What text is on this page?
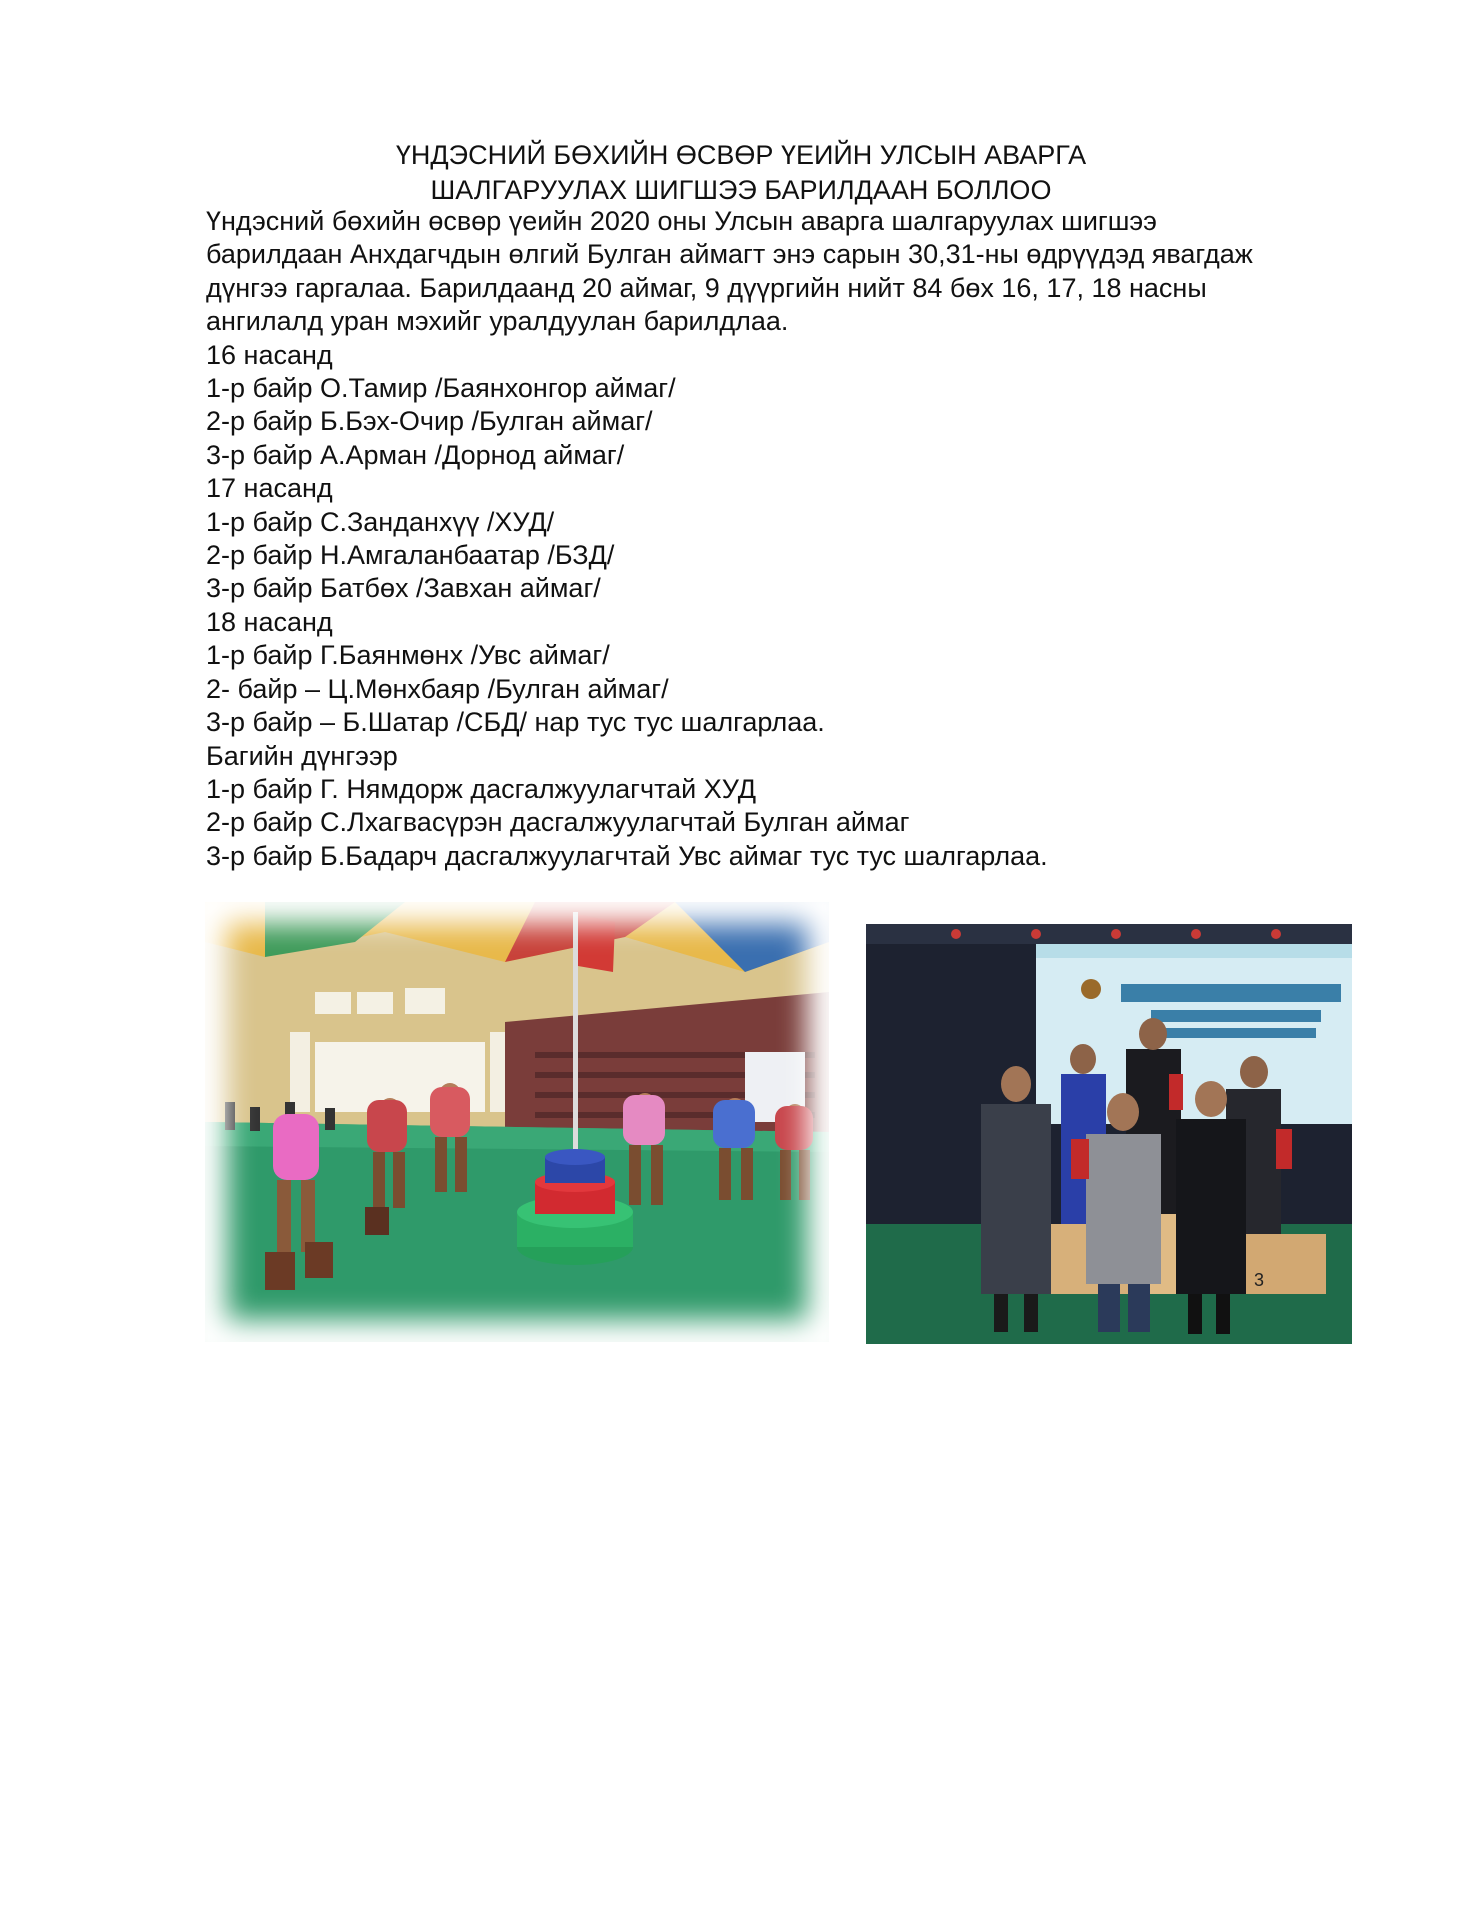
ҮНДЭСНИЙ БӨХИЙН ӨСВӨР ҮЕИЙН УЛСЫН АВАРГА
ШАЛГАРУУЛАХ ШИГШЭЭ БАРИЛДААН БОЛЛОО

Үндэсний бөхийн өсвөр үеийн 2020 оны Улсын аварга шалгаруулах шигшээ

барилдаан Анхдагчдын өлгий Булган аймагт энэ сарын 30,31-ны өдрүүдэд явагдаж

дүнгээ гаргалаа. Барилдаанд 20 аймаг, 9 дүүргийн нийт 84 бөх 16, 17, 18 насны

ангилалд уран мэхийг уралдуулан барилдлаа.

16 насанд

1-р байр О.Тамир /Баянхонгор аймаг/

2-р байр Б.Бэх-Очир /Булган аймаг/

3-р байр А.Арман /Дорнод аймаг/

17 насанд

1-р байр С.Занданхүү /ХУД/

2-р байр Н.Амгаланбаатар /БЗД/

3-р байр Батбөх /Завхан аймаг/

18 насанд

1-р байр Г.Баянмөнх /Увс аймаг/

2- байр – Ц.Мөнхбаяр /Булган аймаг/

3-р байр – Б.Шатар /СБД/ нар тус тус шалгарлаа.

Багийн дүнгээр

1-р байр Г. Нямдорж дасгалжуулагчтай ХУД

2-р байр С.Лхагвасүрэн дасгалжуулагчтай Булган аймаг

3-р байр Б.Бадарч дасгалжуулагчтай Увс аймаг тус тус шалгарлаа.

3
